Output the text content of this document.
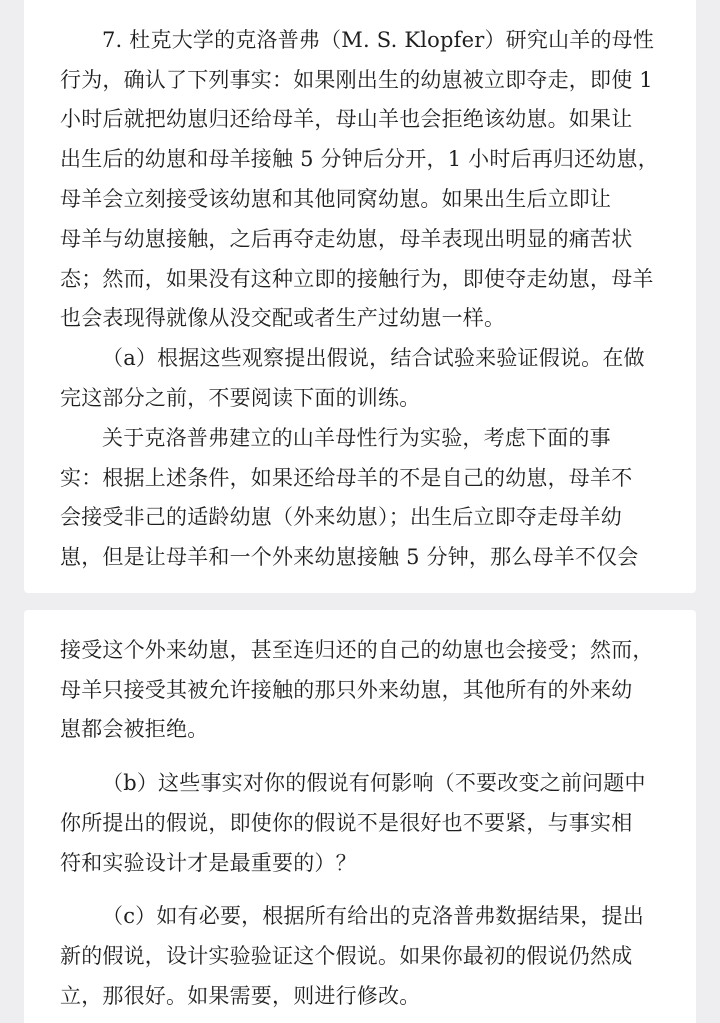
7. 杜克大学的克洛普弗（M. S. Klopfer）研究山羊的母性
行为，确认了下列事实：如果刚出生的幼崽被立即夺走，即使 1
小时后就把幼崽归还给母羊，母山羊也会拒绝该幼崽。如果让
出生后的幼崽和母羊接触 5 分钟后分开，1 小时后再归还幼崽，
母羊会立刻接受该幼崽和其他同窝幼崽。如果出生后立即让
母羊与幼崽接触，之后再夺走幼崽，母羊表现出明显的痛苦状
态；然而，如果没有这种立即的接触行为，即使夺走幼崽，母羊
也会表现得就像从没交配或者生产过幼崽一样。
（a）根据这些观察提出假说，结合试验来验证假说。在做
完这部分之前，不要阅读下面的训练。
关于克洛普弗建立的山羊母性行为实验，考虑下面的事
实：根据上述条件，如果还给母羊的不是自己的幼崽，母羊不
会接受非己的适龄幼崽（外来幼崽）；出生后立即夺走母羊幼
崽，但是让母羊和一个外来幼崽接触 5 分钟，那么母羊不仅会
接受这个外来幼崽，甚至连归还的自己的幼崽也会接受；然而，
母羊只接受其被允许接触的那只外来幼崽，其他所有的外来幼
崽都会被拒绝。
（b）这些事实对你的假说有何影响（不要改变之前问题中
你所提出的假说，即使你的假说不是很好也不要紧，与事实相
符和实验设计才是最重要的）？
（c）如有必要，根据所有给出的克洛普弗数据结果，提出
新的假说，设计实验验证这个假说。如果你最初的假说仍然成
立，那很好。如果需要，则进行修改。
